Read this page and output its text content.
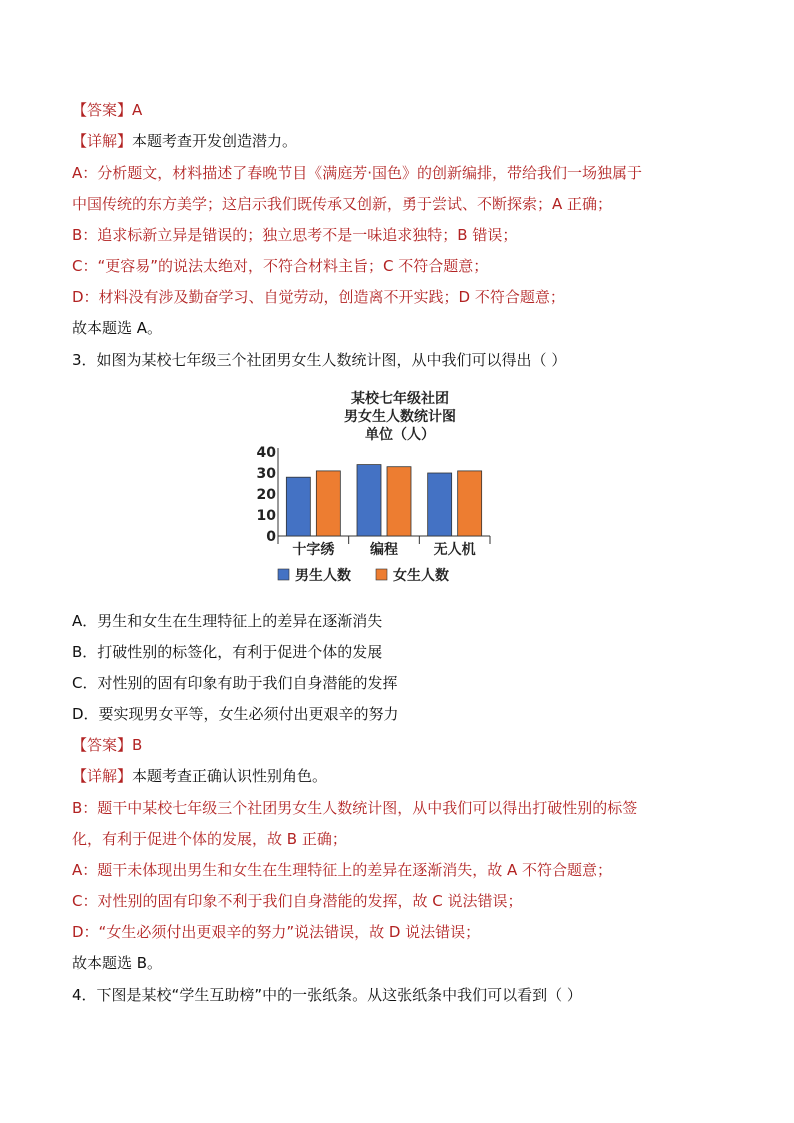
【答案】A
【详解】本题考查开发创造潜力。
A：分析题文，材料描述了春晚节目《满庭芳·国色》的创新编排，带给我们一场独属于
中国传统的东方美学；这启示我们既传承又创新，勇于尝试、不断探索；A 正确；
B：追求标新立异是错误的；独立思考不是一味追求独特；B 错误；
C：“更容易”的说法太绝对，不符合材料主旨；C 不符合题意；
D：材料没有涉及勤奋学习、自觉劳动，创造离不开实践；D 不符合题意；
故本题选 A。
3．如图为某校七年级三个社团男女生人数统计图，从中我们可以得出（ ）
某校七年级社团
男女生人数统计图
单位（人）
0
10
20
30
40
十字绣	编程	无人机
男生人数	女生人数
A．男生和女生在生理特征上的差异在逐渐消失
B．打破性别的标签化，有利于促进个体的发展
C．对性别的固有印象有助于我们自身潜能的发挥
D．要实现男女平等，女生必须付出更艰辛的努力
【答案】B
【详解】本题考查正确认识性别角色。
B：题干中某校七年级三个社团男女生人数统计图，从中我们可以得出打破性别的标签
化，有利于促进个体的发展，故 B 正确；
A：题干未体现出男生和女生在生理特征上的差异在逐渐消失，故 A 不符合题意；
C：对性别的固有印象不利于我们自身潜能的发挥，故 C 说法错误；
D：“女生必须付出更艰辛的努力”说法错误，故 D 说法错误；
故本题选 B。
4．下图是某校“学生互助榜”中的一张纸条。从这张纸条中我们可以看到（ ）
